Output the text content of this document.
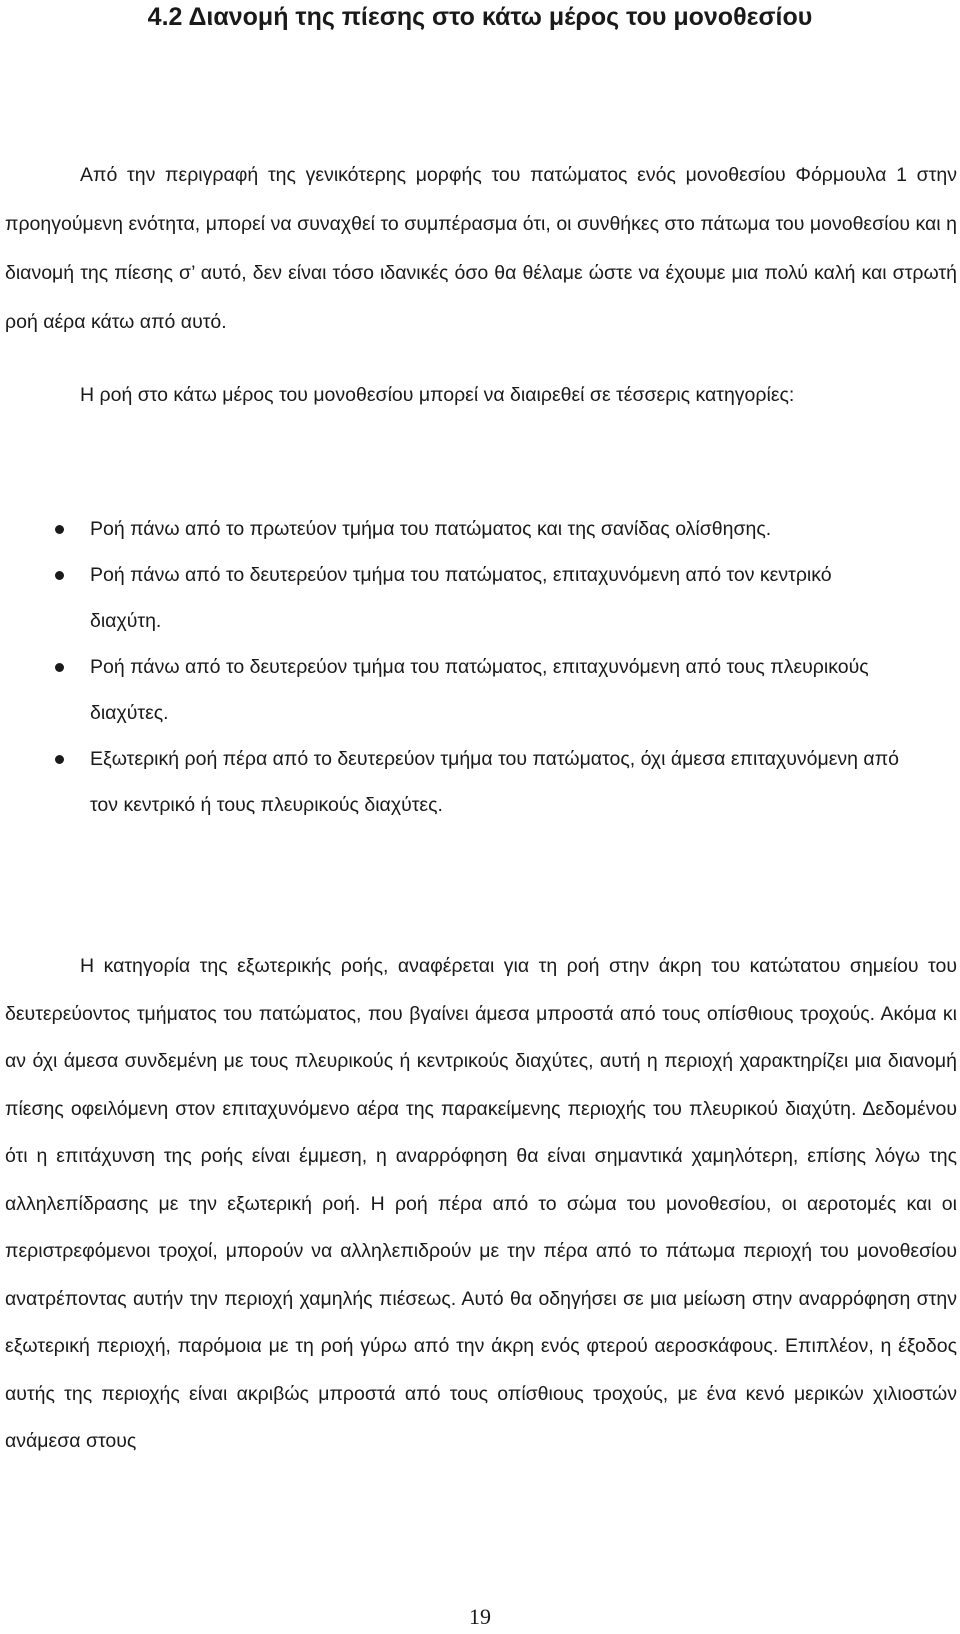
4.2 Διανομή της πίεσης στο κάτω μέρος του μονοθεσίου
Από την περιγραφή της γενικότερης μορφής του πατώματος ενός μονοθεσίου Φόρμουλα 1 στην προηγούμενη ενότητα, μπορεί να συναχθεί το συμπέρασμα ότι, οι συνθήκες στο πάτωμα του μονοθεσίου και η διανομή της πίεσης σ’ αυτό, δεν είναι τόσο ιδανικές όσο θα θέλαμε ώστε να έχουμε μια πολύ καλή και στρωτή ροή αέρα κάτω από αυτό.
Η ροή στο κάτω μέρος του μονοθεσίου μπορεί να διαιρεθεί σε τέσσερις κατηγορίες:
Ροή πάνω από το πρωτεύον τμήμα του πατώματος και της σανίδας ολίσθησης.
Ροή πάνω από το δευτερεύον τμήμα του πατώματος, επιταχυνόμενη από τον κεντρικό διαχύτη.
Ροή πάνω από το δευτερεύον τμήμα του πατώματος, επιταχυνόμενη από τους πλευρικούς διαχύτες.
Εξωτερική ροή πέρα από το δευτερεύον τμήμα του πατώματος, όχι άμεσα επιταχυνόμενη από τον κεντρικό ή τους πλευρικούς διαχύτες.
Η κατηγορία της εξωτερικής ροής, αναφέρεται για τη ροή στην άκρη του κατώτατου σημείου του δευτερεύοντος τμήματος του πατώματος, που βγαίνει άμεσα μπροστά από τους οπίσθιους τροχούς. Ακόμα κι αν όχι άμεσα συνδεμένη με τους πλευρικούς ή κεντρικούς διαχύτες, αυτή η περιοχή χαρακτηρίζει μια διανομή πίεσης οφειλόμενη στον επιταχυνόμενο αέρα της παρακείμενης περιοχής του πλευρικού διαχύτη. Δεδομένου ότι η επιτάχυνση της ροής είναι έμμεση, η αναρρόφηση θα είναι σημαντικά χαμηλότερη, επίσης λόγω της αλληλεπίδρασης με την εξωτερική ροή. Η ροή πέρα από το σώμα του μονοθεσίου, οι αεροτομές και οι περιστρεφόμενοι τροχοί, μπορούν να αλληλεπιδρούν με την πέρα από το πάτωμα περιοχή του μονοθεσίου ανατρέποντας αυτήν την περιοχή χαμηλής πιέσεως. Αυτό θα οδηγήσει σε μια μείωση στην αναρρόφηση στην εξωτερική περιοχή, παρόμοια με τη ροή γύρω από την άκρη ενός φτερού αεροσκάφους. Επιπλέον, η έξοδος αυτής της περιοχής είναι ακριβώς μπροστά από τους οπίσθιους τροχούς, με ένα κενό μερικών χιλιοστών ανάμεσα στους
19
